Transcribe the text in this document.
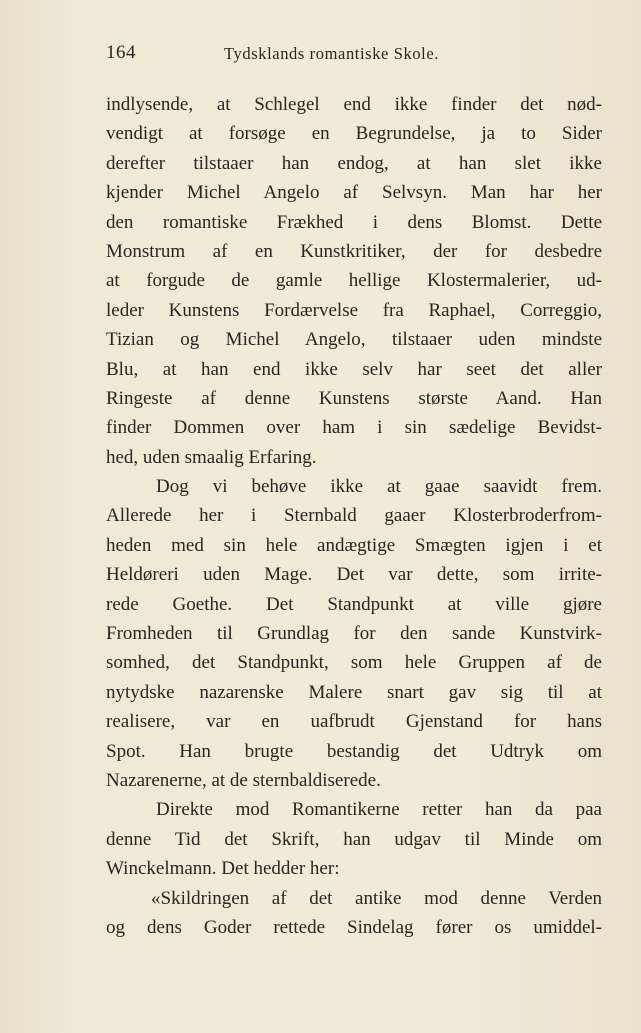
164	Tydsklands romantiske Skole.
indlysende, at Schlegel end ikke finder det nød-
vendigt at forsøge en Begrundelse, ja to Sider
derefter tilstaaer han endog, at han slet ikke
kjender Michel Angelo af Selvsyn. Man har her
den romantiske Frækhed i dens Blomst. Dette
Monstrum af en Kunstkritiker, der for desbedre
at forgude de gamle hellige Klostermalerier, ud-
leder Kunstens Fordærvelse fra Raphael, Correggio,
Tizian og Michel Angelo, tilstaaer uden mindste
Blu, at han end ikke selv har seet det aller
Ringeste af denne Kunstens største Aand. Han
finder Dommen over ham i sin sædelige Bevidst-
hed, uden smaalig Erfaring.
Dog vi behøve ikke at gaae saavidt frem.
Allerede her i Sternbald gaaer Klosterbroderfrom-
heden med sin hele andægtige Smægten igjen i et
Heldøreri uden Mage. Det var dette, som irrite-
rede Goethe. Det Standpunkt at ville gjøre
Fromheden til Grundlag for den sande Kunstvirk-
somhed, det Standpunkt, som hele Gruppen af de
nytydske nazarenske Malere snart gav sig til at
realisere, var en uafbrudt Gjenstand for hans
Spot. Han brugte bestandig det Udtryk om
Nazarenerne, at de sternbaldiserede.
Direkte mod Romantikerne retter han da paa
denne Tid det Skrift, han udgav til Minde om
Winckelmann. Det hedder her:
«Skildringen af det antike mod denne Verden
og dens Goder rettede Sindelag fører os umiddel-
